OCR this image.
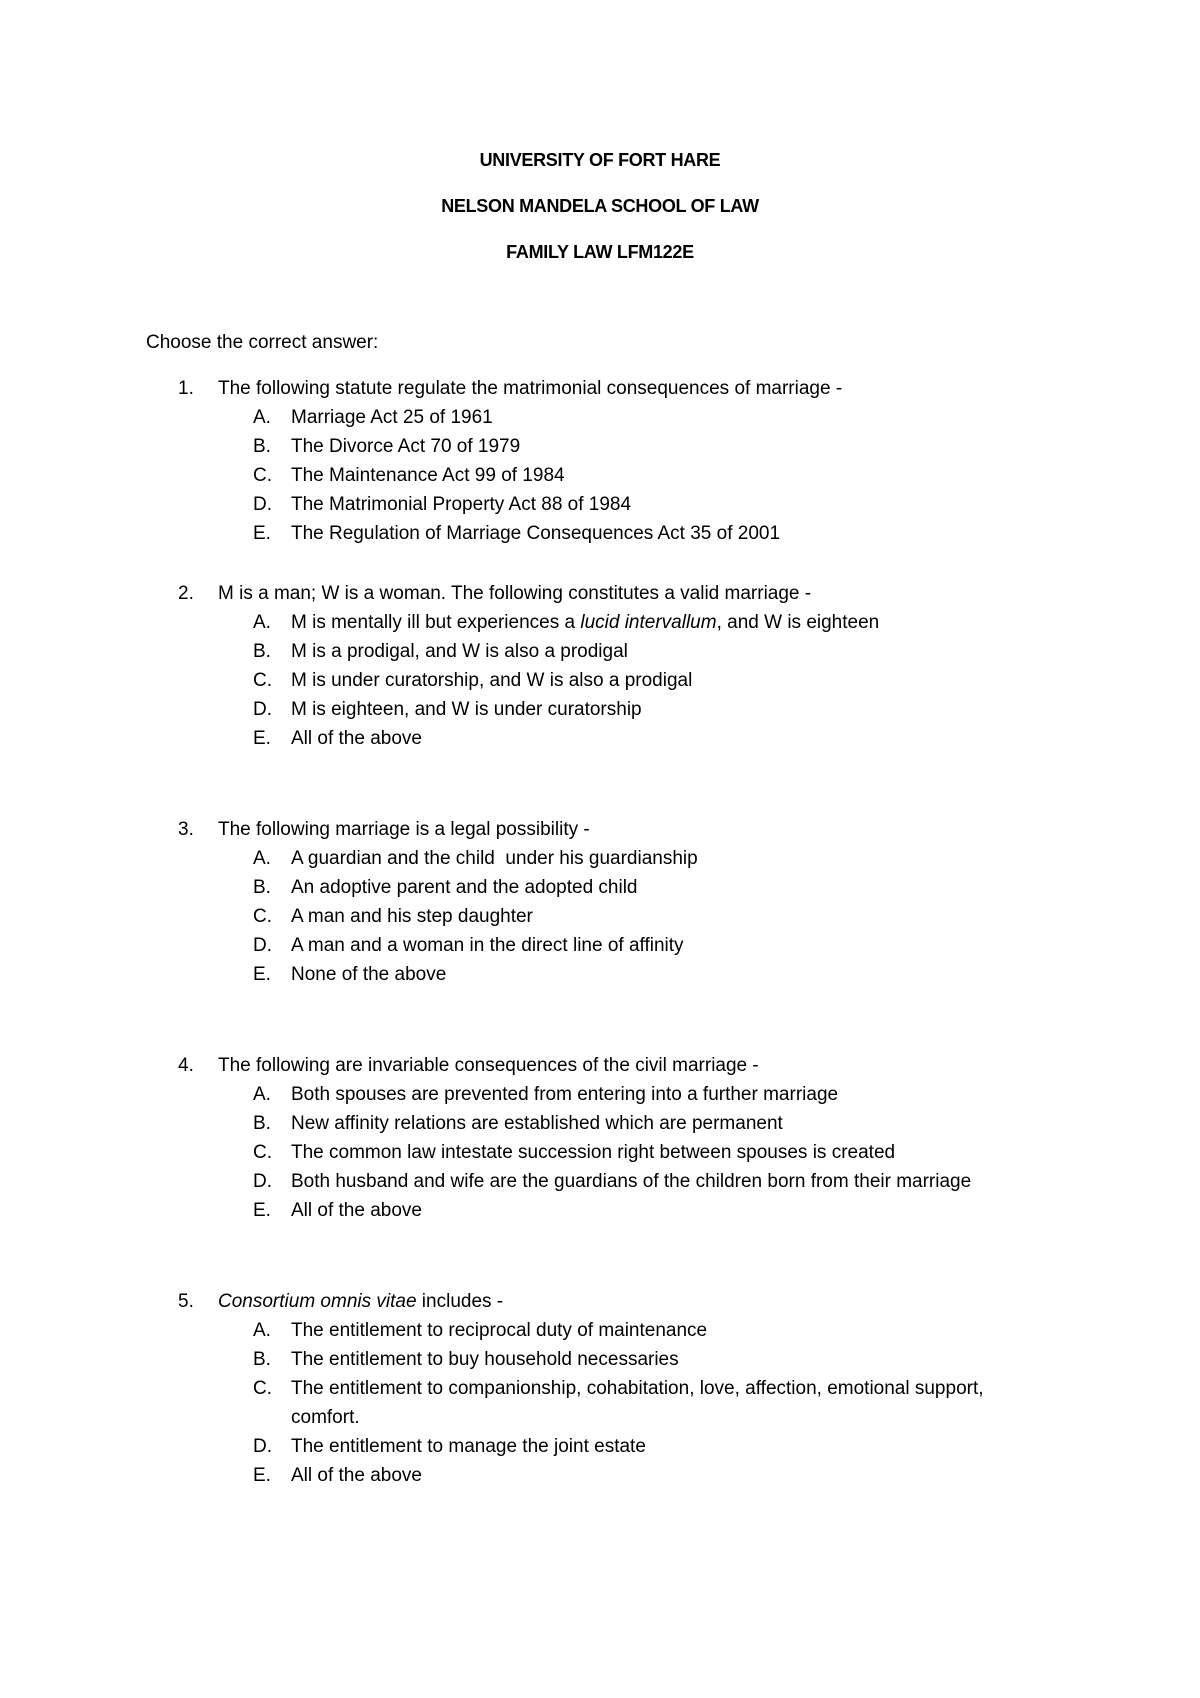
UNIVERSITY OF FORT HARE
NELSON MANDELA SCHOOL OF LAW
FAMILY LAW LFM122E
Choose the correct answer:
1. The following statute regulate the matrimonial consequences of marriage -
A. Marriage Act 25 of 1961
B. The Divorce Act 70 of 1979
C. The Maintenance Act 99 of 1984
D. The Matrimonial Property Act 88 of 1984
E. The Regulation of Marriage Consequences Act 35 of 2001
2. M is a man; W is a woman. The following constitutes a valid marriage -
A. M is mentally ill but experiences a lucid intervallum, and W is eighteen
B. M is a prodigal, and W is also a prodigal
C. M is under curatorship, and W is also a prodigal
D. M is eighteen, and W is under curatorship
E. All of the above
3. The following marriage is a legal possibility -
A. A guardian and the child  under his guardianship
B. An adoptive parent and the adopted child
C. A man and his step daughter
D. A man and a woman in the direct line of affinity
E. None of the above
4. The following are invariable consequences of the civil marriage -
A. Both spouses are prevented from entering into a further marriage
B. New affinity relations are established which are permanent
C. The common law intestate succession right between spouses is created
D. Both husband and wife are the guardians of the children born from their marriage
E. All of the above
5. Consortium omnis vitae includes -
A. The entitlement to reciprocal duty of maintenance
B. The entitlement to buy household necessaries
C. The entitlement to companionship, cohabitation, love, affection, emotional support,
comfort.
D. The entitlement to manage the joint estate
E. All of the above
